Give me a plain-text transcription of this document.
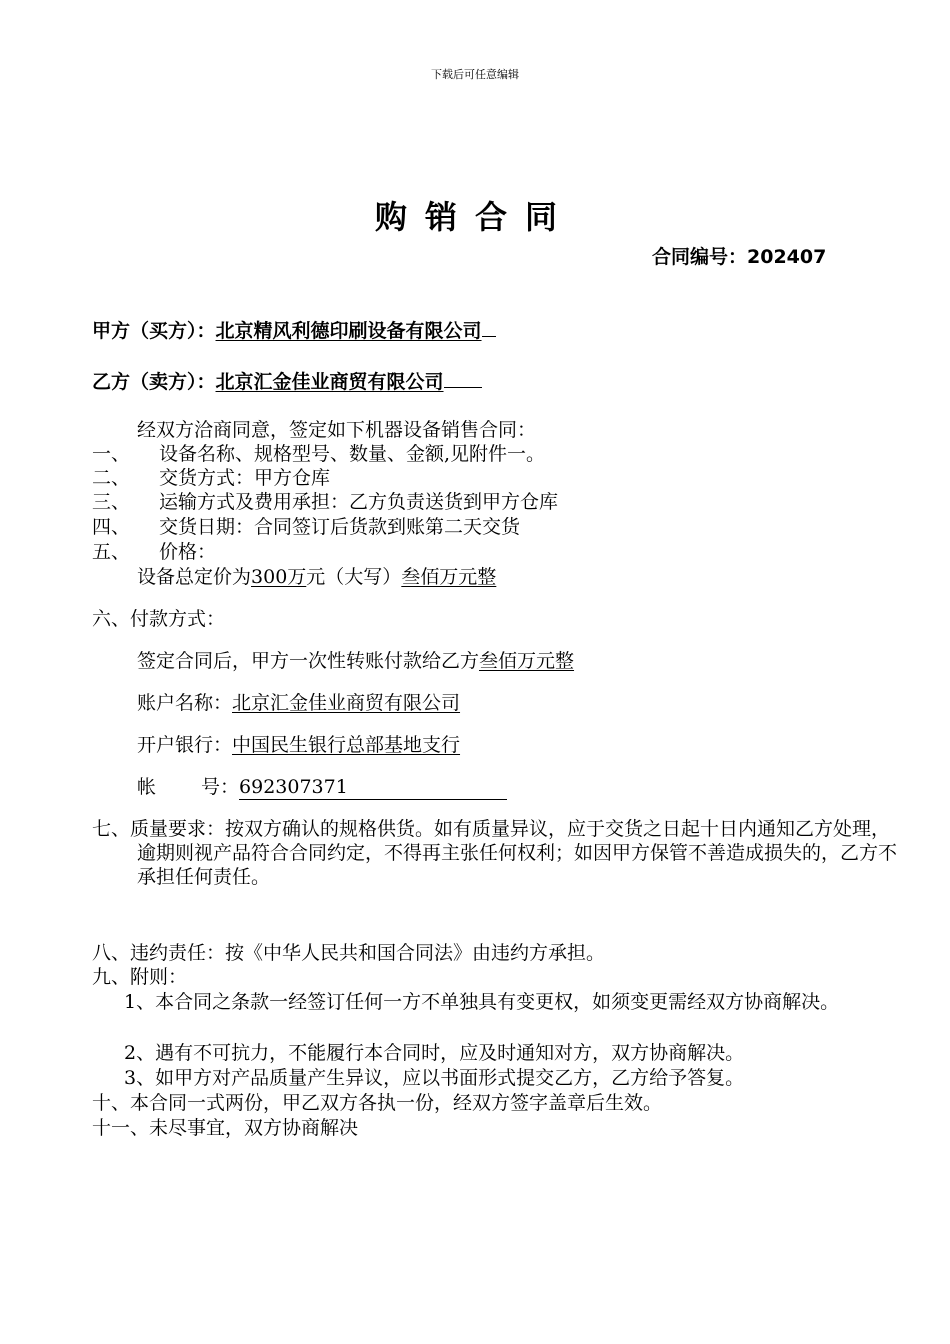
下载后可任意编辑
购销合同
合同编号：202407
甲方（买方）：北京精风利德印刷设备有限公司
乙方（卖方）：北京汇金佳业商贸有限公司
经双方洽商同意，签定如下机器设备销售合同：
一、 设备名称、规格型号、数量、金额,见附件一。
二、 交货方式：甲方仓库
三、 运输方式及费用承担：乙方负责送货到甲方仓库
四、 交货日期：合同签订后货款到账第二天交货
五、 价格：
设备总定价为300万元（大写）叁佰万元整
六、付款方式：
签定合同后，甲方一次性转账付款给乙方叁佰万元整
账户名称：北京汇金佳业商贸有限公司
开户银行：中国民生银行总部基地支行
帐 号：692307371
七、质量要求：按双方确认的规格供货。如有质量异议，应于交货之日起十日内通知乙方处理，逾期则视产品符合合同约定，不得再主张任何权利；如因甲方保管不善造成损失的，乙方不承担任何责任。
八、违约责任：按《中华人民共和国合同法》由违约方承担。
九、附则：
1、本合同之条款一经签订任何一方不单独具有变更权，如须变更需经双方协商解决。
2、遇有不可抗力，不能履行本合同时，应及时通知对方，双方协商解决。
3、如甲方对产品质量产生异议，应以书面形式提交乙方，乙方给予答复。
十、本合同一式两份，甲乙双方各执一份，经双方签字盖章后生效。
十一、未尽事宜，双方协商解决
